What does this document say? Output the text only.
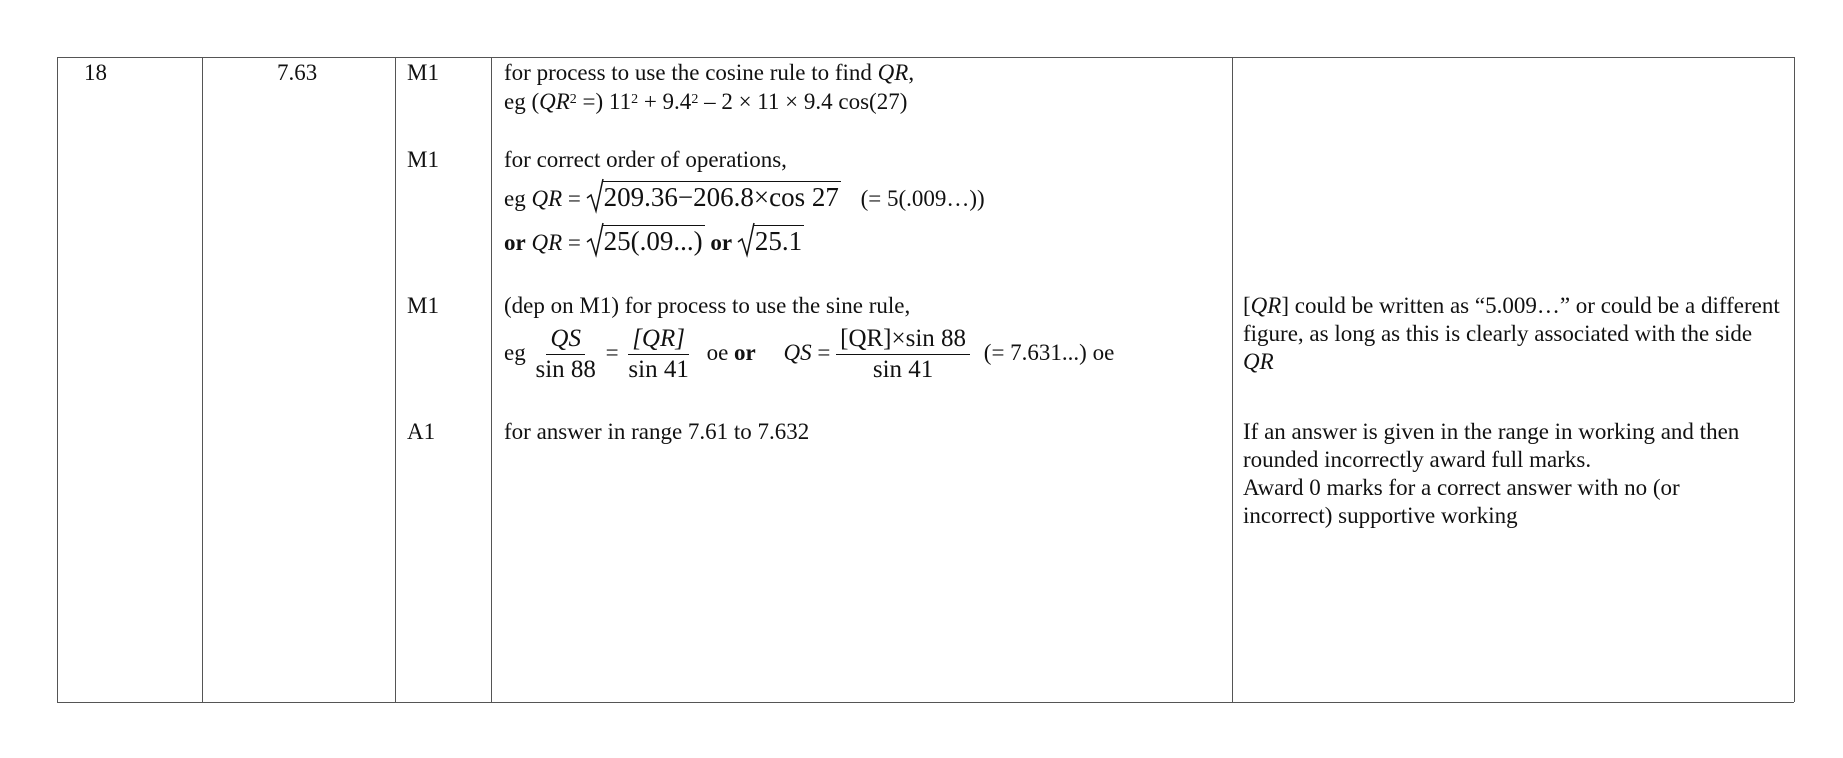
18	7.63	M1
M1
M1
A1
for process to use the cosine rule to find QR,
eg ($QR^2$ =) $11^2 + 9.4^2 - 2 \times 11 \times 9.4$ cos(27)
for correct order of operations,
eg QR = 209.36−206.8×cos 27 (= 5(.009…))
or QR = 25(.09...) or 25.1
(dep on M1) for process to use the sine rule,
eg $\frac{QS}{\sin 88} = \frac{[QR]}{\sin 41}$ oe or QS = $\frac{[QR]\times\sin 88}{\sin 41}$ (= 7.631...) oe
for answer in range 7.61 to 7.632
[QR] could be written as “5.009…” or could be a different figure, as long as this is clearly associated with the side QR
If an answer is given in the range in working and then rounded incorrectly award full marks.
Award 0 marks for a correct answer with no (or incorrect) supportive working
